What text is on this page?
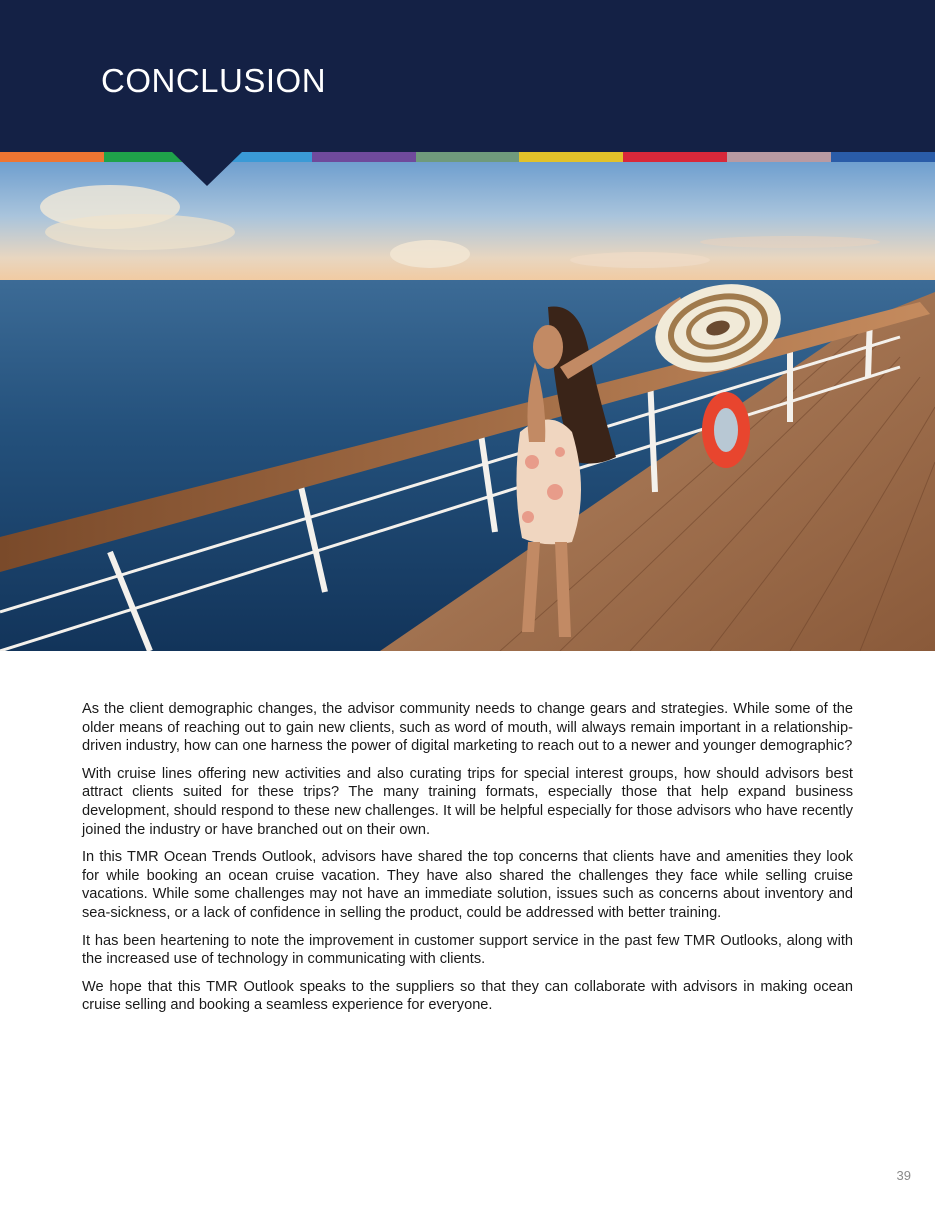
CONCLUSION

As the client demographic changes, the advisor community needs to change gears and strategies. While some of the older means of reaching out to gain new clients, such as word of mouth, will always remain important in a relationship-driven industry, how can one harness the power of digital marketing to reach out to a newer and younger demographic?

With cruise lines offering new activities and also curating trips for special interest groups, how should advisors best attract clients suited for these trips? The many training formats, especially those that help expand business development, should respond to these new challenges. It will be helpful especially for those advisors who have recently joined the industry or have branched out on their own.

In this TMR Ocean Trends Outlook, advisors have shared the top concerns that clients have and amenities they look for while booking an ocean cruise vacation. They have also shared the challenges they face while selling cruise vacations. While some challenges may not have an immediate solution, issues such as concerns about inventory and sea-sickness, or a lack of confidence in selling the product, could be addressed with better training.

It has been heartening to note the improvement in customer support service in the past few TMR Outlooks, along with the increased use of technology in communicating with clients.

We hope that this TMR Outlook speaks to the suppliers so that they can collaborate with advisors in making ocean cruise selling and booking a seamless experience for everyone.

39
